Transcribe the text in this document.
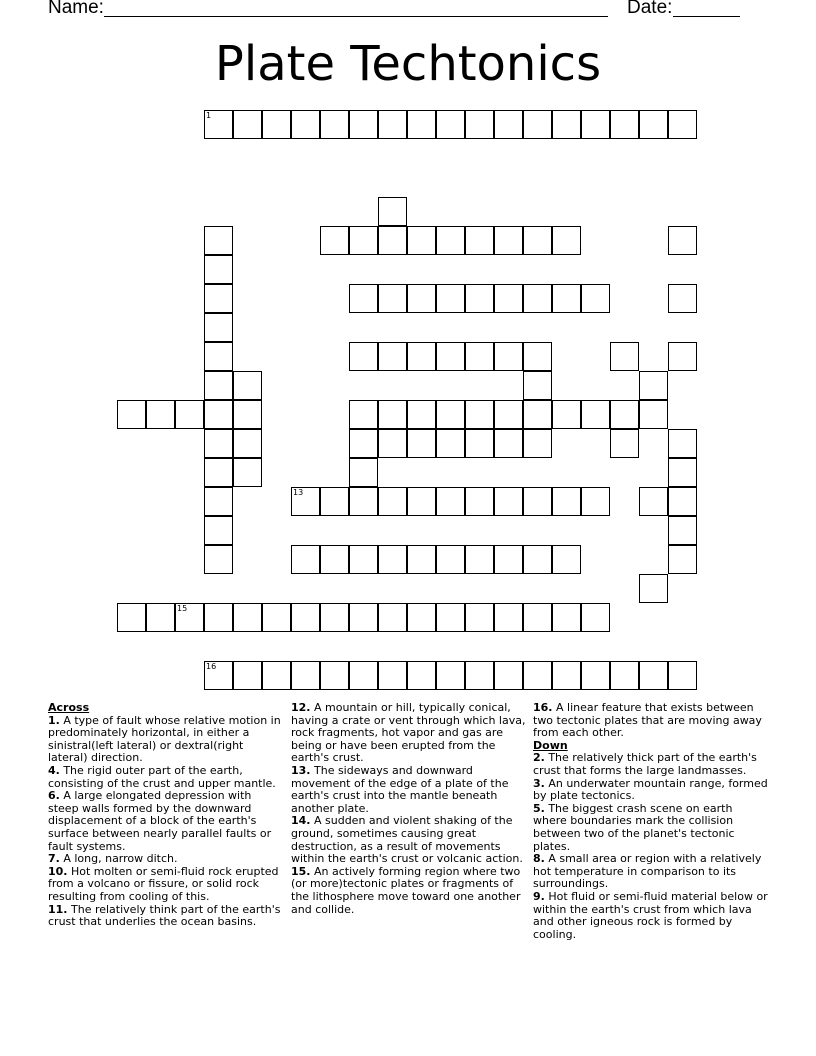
Name:	Date:
Plate Techtonics
1
13
15
16
Across

1. A type of fault whose relative motion in predominately horizontal, in either a sinistral(left lateral) or dextral(right lateral) direction.

4. The rigid outer part of the earth, consisting of the crust and upper mantle.

6. A large elongated depression with steep walls formed by the downward displacement of a block of the earth's surface between nearly parallel faults or fault systems.

7. A long, narrow ditch.

10. Hot molten or semi-fluid rock erupted from a volcano or fissure, or solid rock resulting from cooling of this.

11. The relatively think part of the earth's crust that underlies the ocean basins.

12. A mountain or hill, typically conical, having a crate or vent through which lava, rock fragments, hot vapor and gas are being or have been erupted from the earth's crust.

13. The sideways and downward movement of the edge of a plate of the earth's crust into the mantle beneath another plate.

14. A sudden and violent shaking of the ground, sometimes causing great destruction, as a result of movements within the earth's crust or volcanic action.

15. An actively forming region where two (or more)tectonic plates or fragments of the lithosphere move toward one another and collide.

16. A linear feature that exists between two tectonic plates that are moving away from each other.

Down

2. The relatively thick part of the earth's crust that forms the large landmasses.

3. An underwater mountain range, formed by plate tectonics.

5. The biggest crash scene on earth where boundaries mark the collision between two of the planet's tectonic plates.

8. A small area or region with a relatively hot temperature in comparison to its surroundings.

9. Hot fluid or semi-fluid material below or within the earth's crust from which lava and other igneous rock is formed by cooling.
